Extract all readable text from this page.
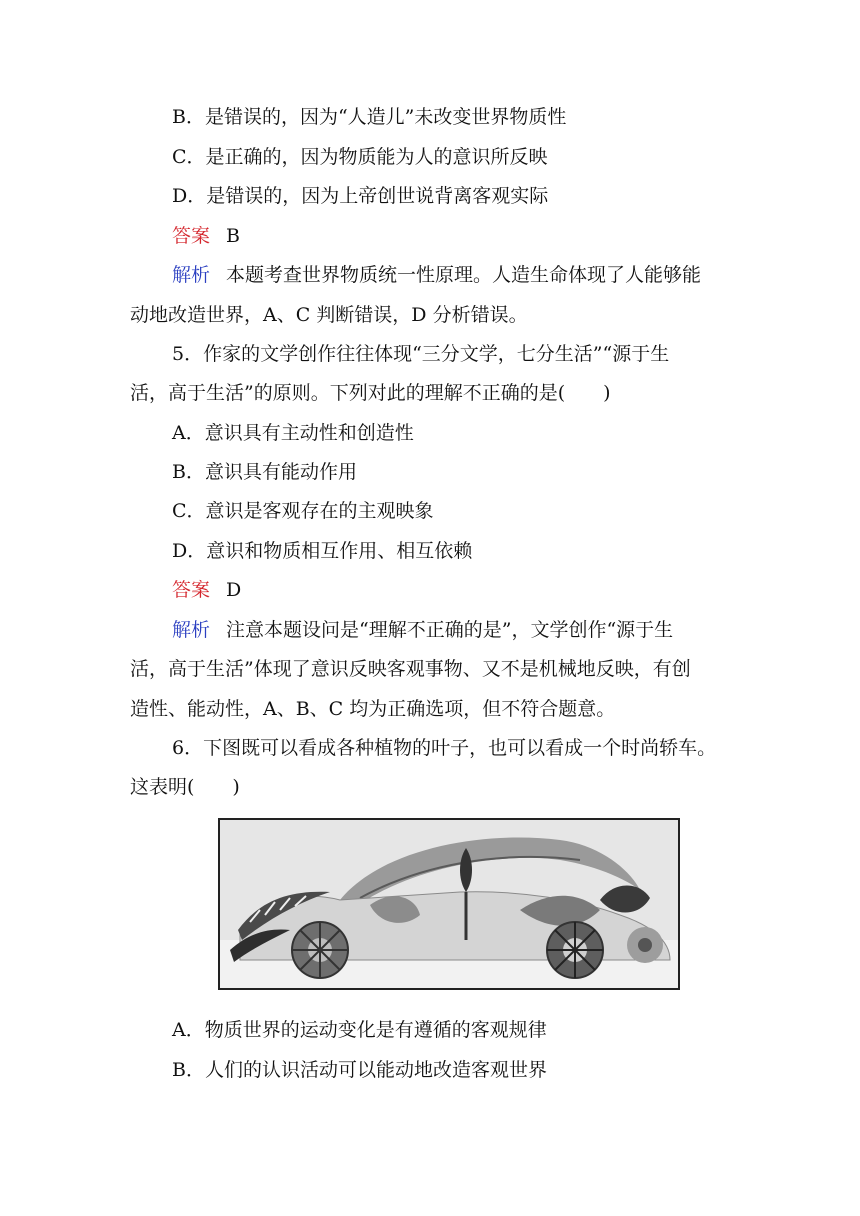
B．是错误的，因为“人造儿”未改变世界物质性
C．是正确的，因为物质能为人的意识所反映
D．是错误的，因为上帝创世说背离客观实际
答案 B
解析 本题考查世界物质统一性原理。人造生命体现了人能够能
动地改造世界，A、C 判断错误，D 分析错误。
5．作家的文学创作往往体现“三分文学，七分生活”“源于生
活，高于生活”的原则。下列对此的理解不正确的是(　　)
A．意识具有主动性和创造性
B．意识具有能动作用
C．意识是客观存在的主观映象
D．意识和物质相互作用、相互依赖
答案 D
解析 注意本题设问是“理解不正确的是”，文学创作“源于生
活，高于生活”体现了意识反映客观事物、又不是机械地反映，有创
造性、能动性，A、B、C 均为正确选项，但不符合题意。
6．下图既可以看成各种植物的叶子，也可以看成一个时尚轿车。
这表明(　　)
A．物质世界的运动变化是有遵循的客观规律
B．人们的认识活动可以能动地改造客观世界
